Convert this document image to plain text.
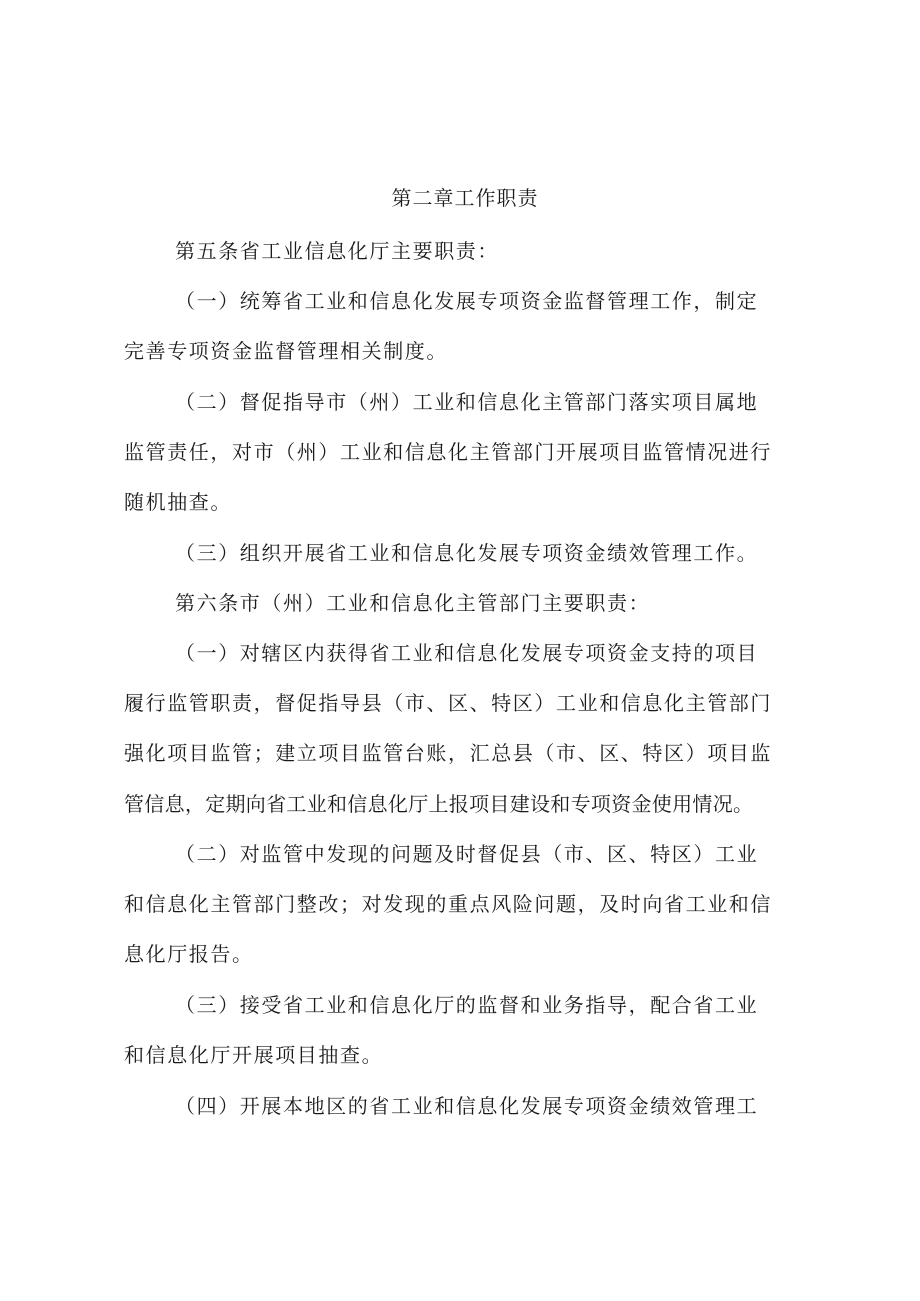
第二章工作职责
第五条省工业信息化厅主要职责：
（一）统筹省工业和信息化发展专项资金监督管理工作，制定
完善专项资金监督管理相关制度。
（二）督促指导市（州）工业和信息化主管部门落实项目属地
监管责任，对市（州）工业和信息化主管部门开展项目监管情况进行
随机抽查。
（三）组织开展省工业和信息化发展专项资金绩效管理工作。
第六条市（州）工业和信息化主管部门主要职责：
（一）对辖区内获得省工业和信息化发展专项资金支持的项目
履行监管职责，督促指导县（市、区、特区）工业和信息化主管部门
强化项目监管；建立项目监管台账，汇总县（市、区、特区）项目监
管信息，定期向省工业和信息化厅上报项目建设和专项资金使用情况。
（二）对监管中发现的问题及时督促县（市、区、特区）工业
和信息化主管部门整改；对发现的重点风险问题，及时向省工业和信
息化厅报告。
（三）接受省工业和信息化厅的监督和业务指导，配合省工业
和信息化厅开展项目抽查。
（四）开展本地区的省工业和信息化发展专项资金绩效管理工
